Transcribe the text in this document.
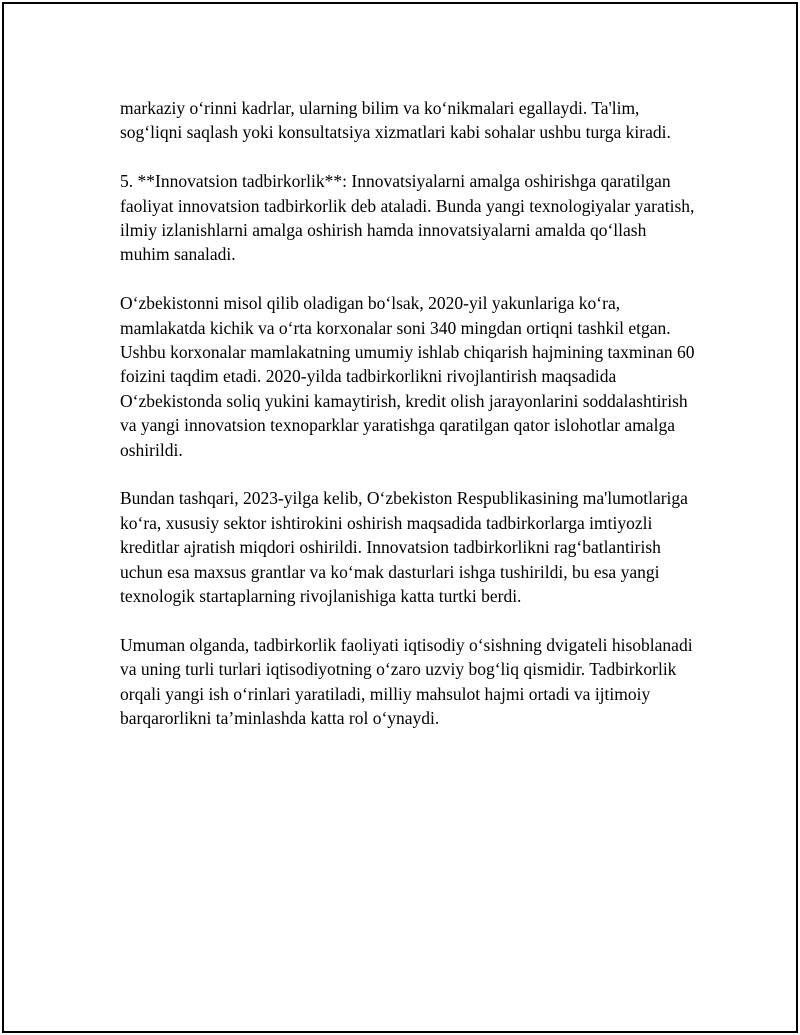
markaziy o‘rinni kadrlar, ularning bilim va ko‘nikmalari egallaydi. Ta'lim, sog‘liqni saqlash yoki konsultatsiya xizmatlari kabi sohalar ushbu turga kiradi.

5. **Innovatsion tadbirkorlik**: Innovatsiyalarni amalga oshirishga qaratilgan faoliyat innovatsion tadbirkorlik deb ataladi. Bunda yangi texnologiyalar yaratish, ilmiy izlanishlarni amalga oshirish hamda innovatsiyalarni amalda qo‘llash muhim sanaladi.

O‘zbekistonni misol qilib oladigan bo‘lsak, 2020-yil yakunlariga ko‘ra, mamlakatda kichik va o‘rta korxonalar soni 340 mingdan ortiqni tashkil etgan. Ushbu korxonalar mamlakatning umumiy ishlab chiqarish hajmining taxminan 60 foizini taqdim etadi. 2020-yilda tadbirkorlikni rivojlantirish maqsadida O‘zbekistonda soliq yukini kamaytirish, kredit olish jarayonlarini soddalashtirish va yangi innovatsion texnoparklar yaratishga qaratilgan qator islohotlar amalga oshirildi.

Bundan tashqari, 2023-yilga kelib, O‘zbekiston Respublikasining ma'lumotlariga ko‘ra, xususiy sektor ishtirokini oshirish maqsadida tadbirkorlarga imtiyozli kreditlar ajratish miqdori oshirildi. Innovatsion tadbirkorlikni rag‘batlantirish uchun esa maxsus grantlar va ko‘mak dasturlari ishga tushirildi, bu esa yangi texnologik startaplarning rivojlanishiga katta turtki berdi.

Umuman olganda, tadbirkorlik faoliyati iqtisodiy o‘sishning dvigateli hisoblanadi va uning turli turlari iqtisodiyotning o‘zaro uzviy bog‘liq qismidir. Tadbirkorlik orqali yangi ish o‘rinlari yaratiladi, milliy mahsulot hajmi ortadi va ijtimoiy barqarorlikni ta’minlashda katta rol o‘ynaydi.
